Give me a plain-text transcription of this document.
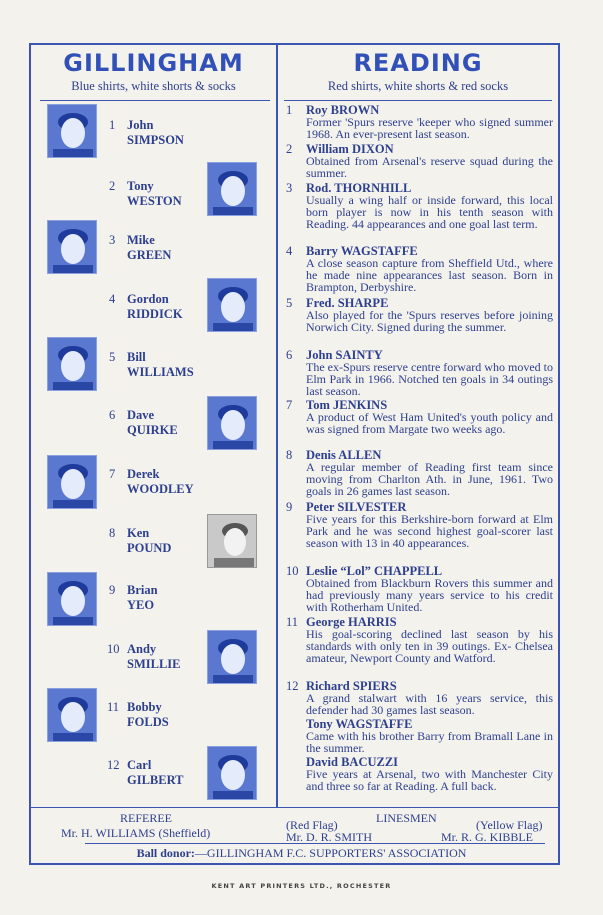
GILLINGHAM
Blue shirts, white shorts & socks
READING
Red shirts, white shorts & red socks
1 John
SIMPSON
2 Tony
WESTON
3 Mike
GREEN
4 Gordon
RIDDICK
5 Bill
WILLIAMS
6 Dave
QUIRKE
7 Derek
WOODLEY
8 Ken
POUND
9 Brian
YEO
10 Andy
SMILLIE
11 Bobby
FOLDS
12 Carl
GILBERT
1 Roy BROWN
Former 'Spurs reserve 'keeper who signed summer 1968. An ever-present last season.
2 William DIXON
Obtained from Arsenal's reserve squad during the summer.
3 Rod. THORNHILL
Usually a wing half or inside forward, this local born player is now in his tenth season with Reading. 44 appearances and one goal last term.
4 Barry WAGSTAFFE
A close season capture from Sheffield Utd., where he made nine appearances last season. Born in Brampton, Derbyshire.
5 Fred. SHARPE
Also played for the 'Spurs reserves before joining Norwich City. Signed during the summer.
6 John SAINTY
The ex-Spurs reserve centre forward who moved to Elm Park in 1966. Notched ten goals in 34 outings last season.
7 Tom JENKINS
A product of West Ham United's youth policy and was signed from Margate two weeks ago.
8 Denis ALLEN
A regular member of Reading first team since moving from Charlton Ath. in June, 1961. Two goals in 26 games last season.
9 Peter SILVESTER
Five years for this Berkshire-born forward at Elm Park and he was second highest goal-scorer last season with 13 in 40 appearances.
10 Leslie “Lol” CHAPPELL
Obtained from Blackburn Rovers this summer and had previously many years service to his credit with Rotherham United.
11 George HARRIS
His goal-scoring declined last season by his standards with only ten in 39 outings. Ex- Chelsea amateur, Newport County and Watford.
12 Richard SPIERS
A grand stalwart with 16 years service, this defender had 30 games last season.
Tony WAGSTAFFE
Came with his brother Barry from Bramall Lane in the summer.
David BACUZZI
Five years at Arsenal, two with Manchester City and three so far at Reading. A full back.
REFEREE
Mr. H. WILLIAMS (Sheffield)
(Red Flag)	LINESMEN	(Yellow Flag)
Mr. D. R. SMITH	Mr. R. G. KIBBLE
Ball donor:—GILLINGHAM F.C. SUPPORTERS' ASSOCIATION
KENT ART PRINTERS LTD., ROCHESTER
